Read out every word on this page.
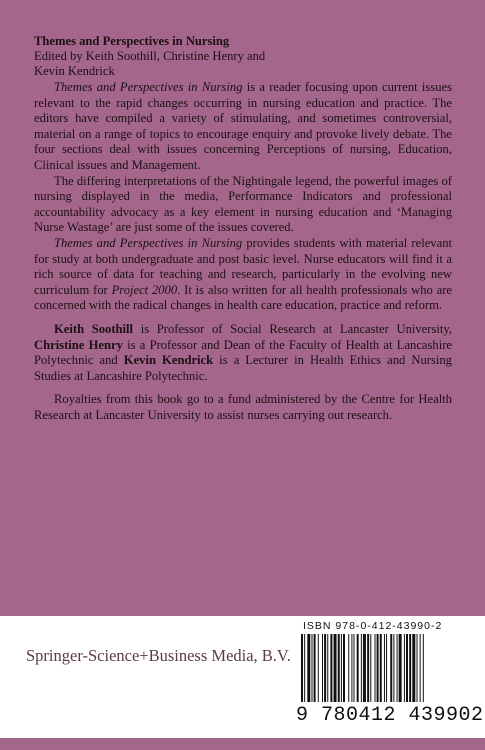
Themes and Perspectives in Nursing
Edited by Keith Soothill, Christine Henry and
Kevin Kendrick

Themes and Perspectives in Nursing is a reader focusing upon current issues relevant to the rapid changes occurring in nursing education and practice. The editors have compiled a variety of stimulating, and sometimes controversial, material on a range of topics to encourage enquiry and provoke lively debate. The four sections deal with issues concerning Perceptions of nursing, Education, Clinical issues and Management.

The differing interpretations of the Nightingale legend, the powerful images of nursing displayed in the media, Performance Indicators and professional accountability advocacy as a key element in nursing education and ‘Managing Nurse Wastage’ are just some of the issues covered.

Themes and Perspectives in Nursing provides students with material relevant for study at both undergraduate and post basic level. Nurse educators will find it a rich source of data for teaching and research, particularly in the evolving new curriculum for Project 2000. It is also written for all health professionals who are concerned with the radical changes in health care education, practice and reform.

Keith Soothill is Professor of Social Research at Lancaster University, Christine Henry is a Professor and Dean of the Faculty of Health at Lancashire Polytechnic and Kevin Kendrick is a Lecturer in Health Ethics and Nursing Studies at Lancashire Polytechnic.

Royalties from this book go to a fund administered by the Centre for Health Research at Lancaster University to assist nurses carrying out research.

Springer-Science+Business Media, B.V.
ISBN 978-0-412-43990-2
9 780412 439902
